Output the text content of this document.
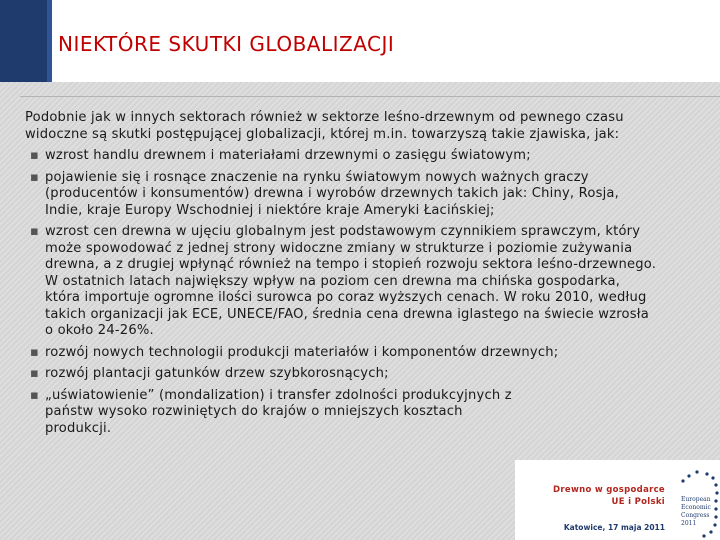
NIEKTÓRE SKUTKI GLOBALIZACJI

Podobnie jak w innych sektorach również w sektorze leśno-drzewnym od pewnego czasu widoczne są skutki postępującej globalizacji, której m.in. towarzyszą takie zjawiska, jak:

▪ wzrost handlu drewnem i materiałami drzewnymi o zasięgu światowym;
▪ pojawienie się i rosnące znaczenie na rynku światowym nowych ważnych graczy (producentów i konsumentów) drewna i wyrobów drzewnych takich jak: Chiny, Rosja, Indie, kraje Europy Wschodniej i niektóre kraje Ameryki Łacińskiej;
▪ wzrost cen drewna w ujęciu globalnym jest podstawowym czynnikiem sprawczym, który może spowodować z jednej strony widoczne zmiany w strukturze i poziomie zużywania drewna, a z drugiej wpłynąć również na tempo i stopień rozwoju sektora leśno-drzewnego. W ostatnich latach największy wpływ na poziom cen drewna ma chińska gospodarka, która importuje ogromne ilości surowca po coraz wyższych cenach. W roku 2010, według takich organizacji jak ECE, UNECE/FAO, średnia cena drewna iglastego na świecie wzrosła o około 24-26%.
▪ rozwój nowych technologii produkcji materiałów i komponentów drzewnych;
▪ rozwój plantacji gatunków drzew szybkorosnących;
▪ „uświatowienie” (mondalization) i transfer zdolności produkcyjnych z państw wysoko rozwiniętych do krajów o mniejszych kosztach produkcji.
Drewno w gospodarce
UE i Polski
Katowice, 17 maja 2011
European
Economic
Congress
2011
